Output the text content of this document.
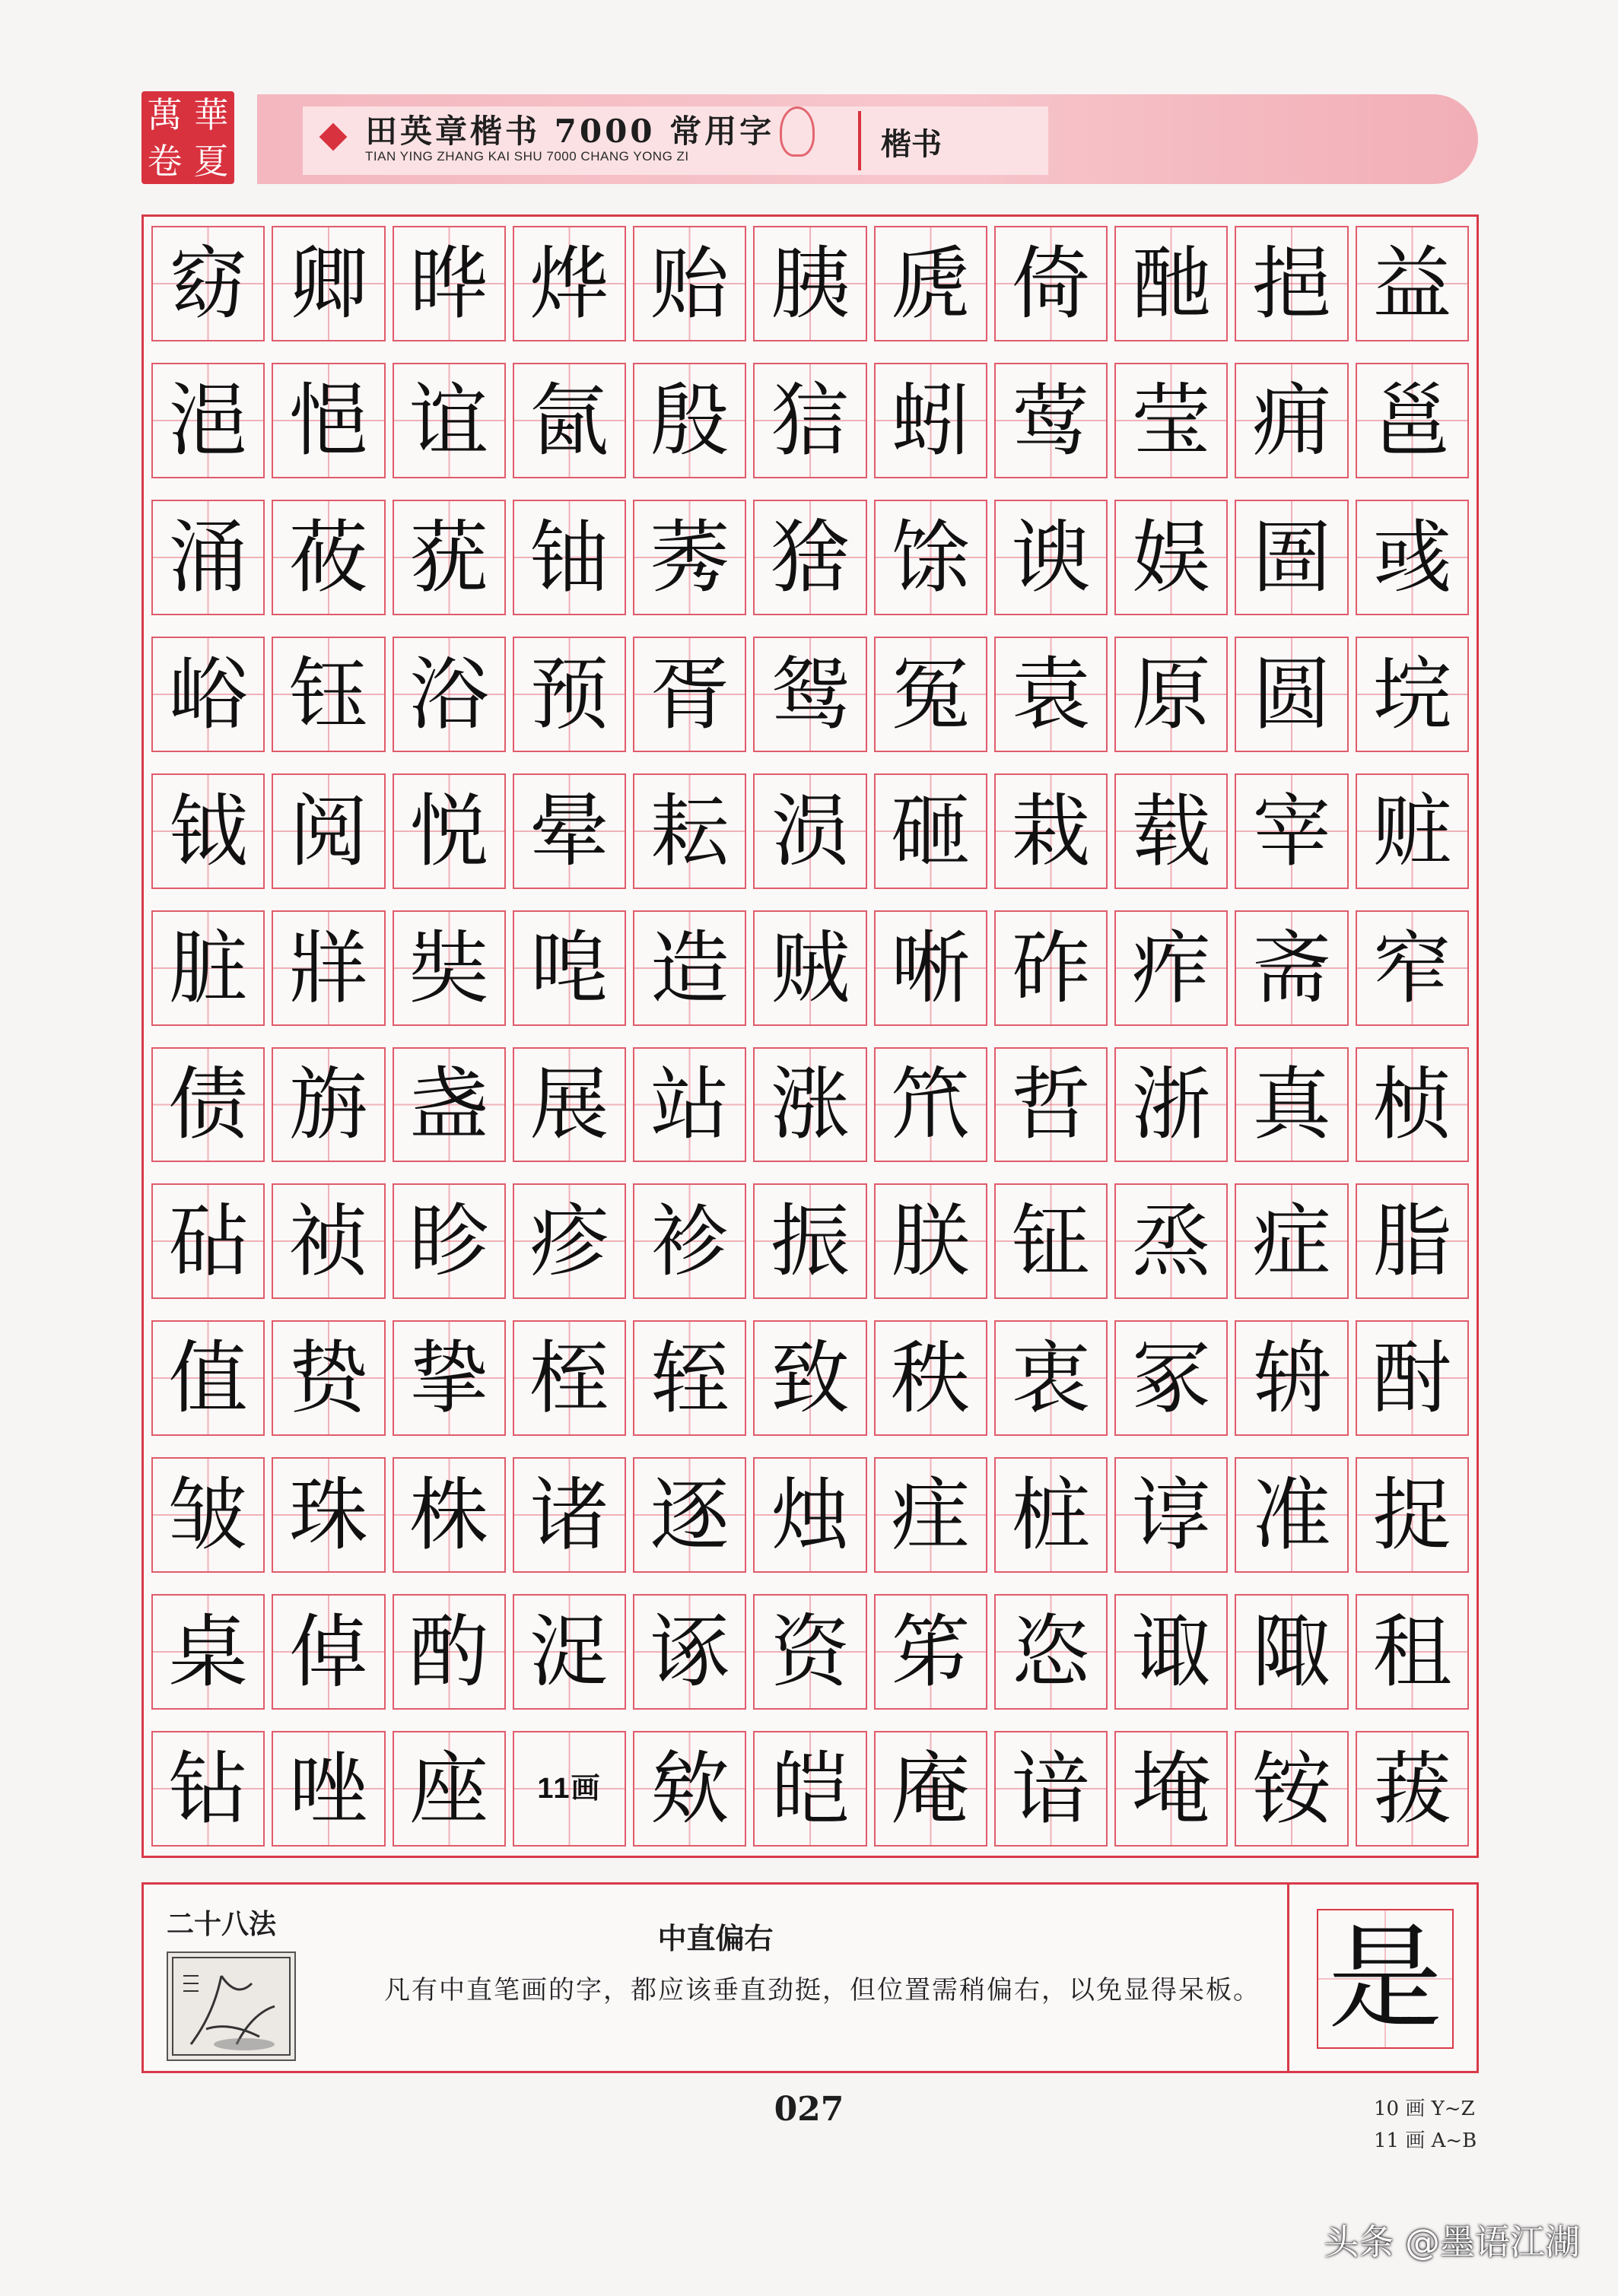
萬 華
卷 夏
田英章楷书 7000 常用字
TIAN YING ZHANG KAI SHU 7000 CHANG YONG ZI	楷书
窈 卿 晔 烨 贻 胰 虒 倚 酏 挹 益
浥 悒 谊 氤 殷 狺 蚓 莺 莹 痈 邕
涌 莜 莸 铀 莠 猞 馀 谀 娱 圄 彧
峪 钰 浴 预 胥 鸳 冤 袁 原 圆 垸
钺 阅 悦 晕 耘 涢 砸 栽 载 宰 赃
脏 牂 奘 唣 造 贼 唽 砟 痄 斋 窄
债 旃 盏 展 站 涨 笊 哲 浙 真 桢
砧 祯 眕 疹 袗 振 朕 钲 烝 症 脂
值 贽 挚 桎 轾 致 秩 衷 冢 辀 酎
皱 珠 株 诸 逐 烛 疰 桩 谆 准 捉
桌 倬 酌 浞 诼 资 笫 恣 诹 陬 租
钻 唑 座 11画 欸 皑 庵 谙 埯 铵 菝
二十八法	中直偏右
凡有中直笔画的字，都应该垂直劲挺，但位置需稍偏右，以免显得呆板。 是
027	10 画 Y~Z
11 画 A~B
头条 @墨语江湖
